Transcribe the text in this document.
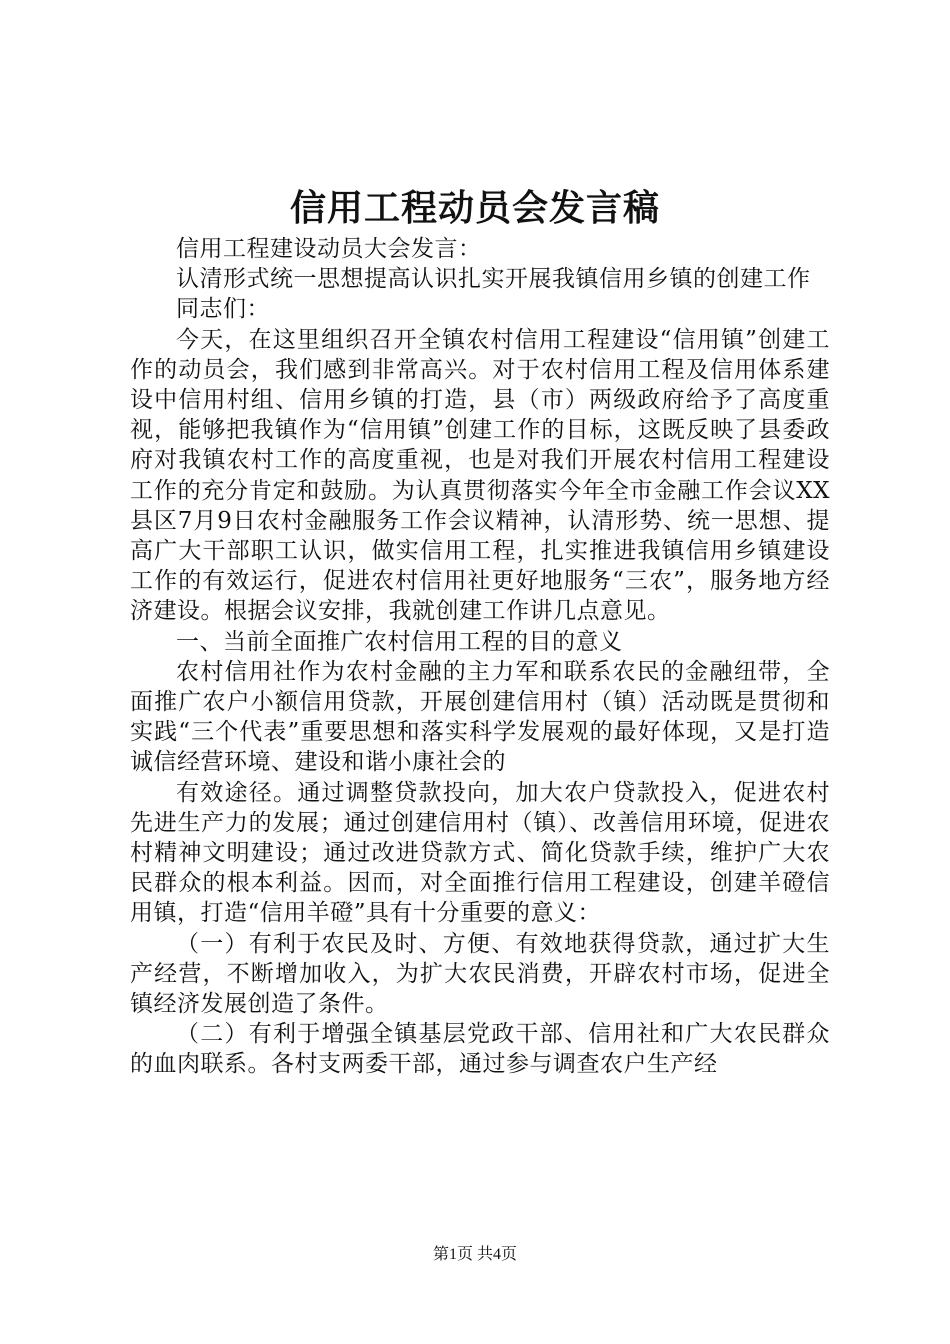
信用工程动员会发言稿

信用工程建设动员大会发言：

认清形式统一思想提高认识扎实开展我镇信用乡镇的创建工作

同志们：

今天，在这里组织召开全镇农村信用工程建设“信用镇”创建工作的动员会，我们感到非常高兴。对于农村信用工程及信用体系建设中信用村组、信用乡镇的打造，县（市）两级政府给予了高度重视，能够把我镇作为“信用镇”创建工作的目标，这既反映了县委政府对我镇农村工作的高度重视，也是对我们开展农村信用工程建设工作的充分肯定和鼓励。为认真贯彻落实今年全市金融工作会议XX县区7月9日农村金融服务工作会议精神，认清形势、统一思想、提高广大干部职工认识，做实信用工程，扎实推进我镇信用乡镇建设工作的有效运行，促进农村信用社更好地服务“三农”，服务地方经济建设。根据会议安排，我就创建工作讲几点意见。

一、当前全面推广农村信用工程的目的意义

农村信用社作为农村金融的主力军和联系农民的金融纽带，全面推广农户小额信用贷款，开展创建信用村（镇）活动既是贯彻和实践“三个代表”重要思想和落实科学发展观的最好体现，又是打造诚信经营环境、建设和谐小康社会的

有效途径。通过调整贷款投向，加大农户贷款投入，促进农村先进生产力的发展；通过创建信用村（镇）、改善信用环境，促进农村精神文明建设；通过改进贷款方式、简化贷款手续，维护广大农民群众的根本利益。因而，对全面推行信用工程建设，创建羊磴信用镇，打造“信用羊磴”具有十分重要的意义：

（一）有利于农民及时、方便、有效地获得贷款，通过扩大生产经营，不断增加收入，为扩大农民消费，开辟农村市场，促进全镇经济发展创造了条件。

（二）有利于增强全镇基层党政干部、信用社和广大农民群众的血肉联系。各村支两委干部，通过参与调查农户生产经

第1页 共4页
